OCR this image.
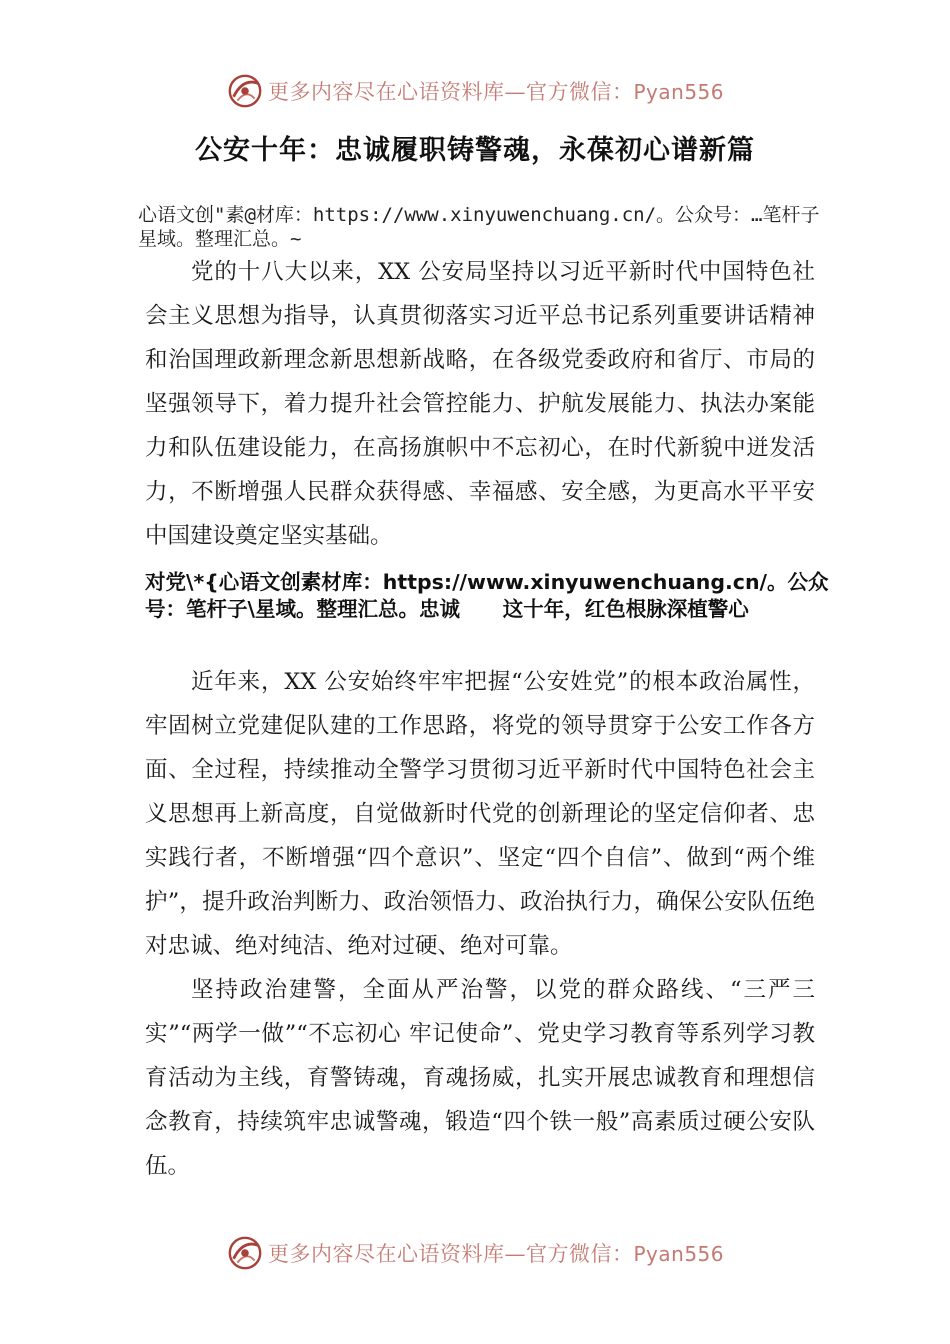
更多内容尽在心语资料库—官方微信：Pyan556
公安十年：忠诚履职铸警魂，永葆初心谱新篇
心语文创"素@材库：https://www.xinyuwenchuang.cn/。公众号：…笔杆子星域。整理汇总。~

党的十八大以来，XX 公安局坚持以习近平新时代中国特色社会主义思想为指导，认真贯彻落实习近平总书记系列重要讲话精神和治国理政新理念新思想新战略，在各级党委政府和省厅、市局的坚强领导下，着力提升社会管控能力、护航发展能力、执法办案能力和队伍建设能力，在高扬旗帜中不忘初心，在时代新貌中迸发活力，不断增强人民群众获得感、幸福感、安全感，为更高水平平安中国建设奠定坚实基础。

对党\*{心语文创素材库：https://www.xinyuwenchuang.cn/。公众号：笔杆子\星域。整理汇总。忠诚      这十年，红色根脉深植警心

近年来，XX 公安始终牢牢把握“公安姓党”的根本政治属性，牢固树立党建促队建的工作思路，将党的领导贯穿于公安工作各方面、全过程，持续推动全警学习贯彻习近平新时代中国特色社会主义思想再上新高度，自觉做新时代党的创新理论的坚定信仰者、忠实践行者，不断增强“四个意识”、坚定“四个自信”、做到“两个维护”，提升政治判断力、政治领悟力、政治执行力，确保公安队伍绝对忠诚、绝对纯洁、绝对过硬、绝对可靠。

坚持政治建警，全面从严治警，以党的群众路线、“三严三实”“两学一做”“不忘初心 牢记使命”、党史学习教育等系列学习教育活动为主线，育警铸魂，育魂扬威，扎实开展忠诚教育和理想信念教育，持续筑牢忠诚警魂，锻造“四个铁一般”高素质过硬公安队伍。

更多内容尽在心语资料库—官方微信：Pyan556
